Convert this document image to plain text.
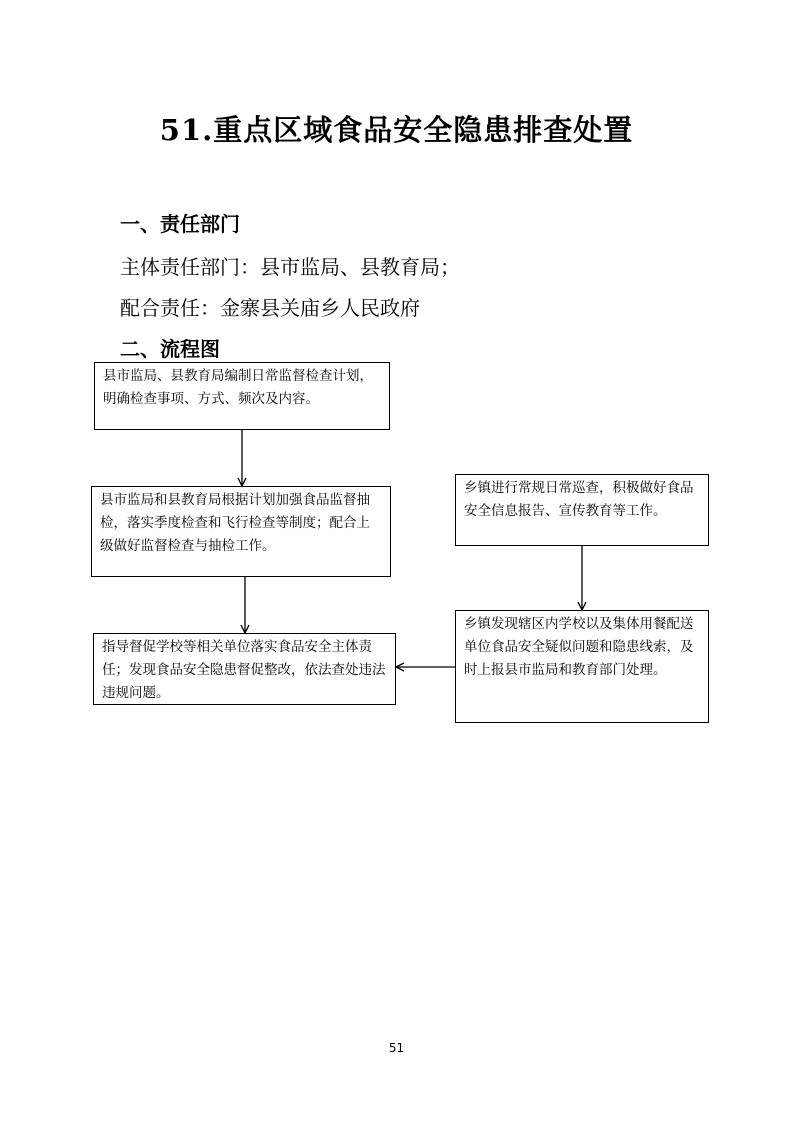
51.重点区域食品安全隐患排查处置
一、责任部门
主体责任部门：县市监局、县教育局；
配合责任：金寨县关庙乡人民政府
二、流程图
县市监局、县教育局编制日常监督检查计划，明确检查事项、方式、频次及内容。
县市监局和县教育局根据计划加强食品监督抽检，落实季度检查和飞行检查等制度；配合上级做好监督检查与抽检工作。
指导督促学校等相关单位落实食品安全主体责任；发现食品安全隐患督促整改，依法查处违法违规问题。
乡镇进行常规日常巡查，积极做好食品安全信息报告、宣传教育等工作。
乡镇发现辖区内学校以及集体用餐配送单位食品安全疑似问题和隐患线索，及时上报县市监局和教育部门处理。
51
